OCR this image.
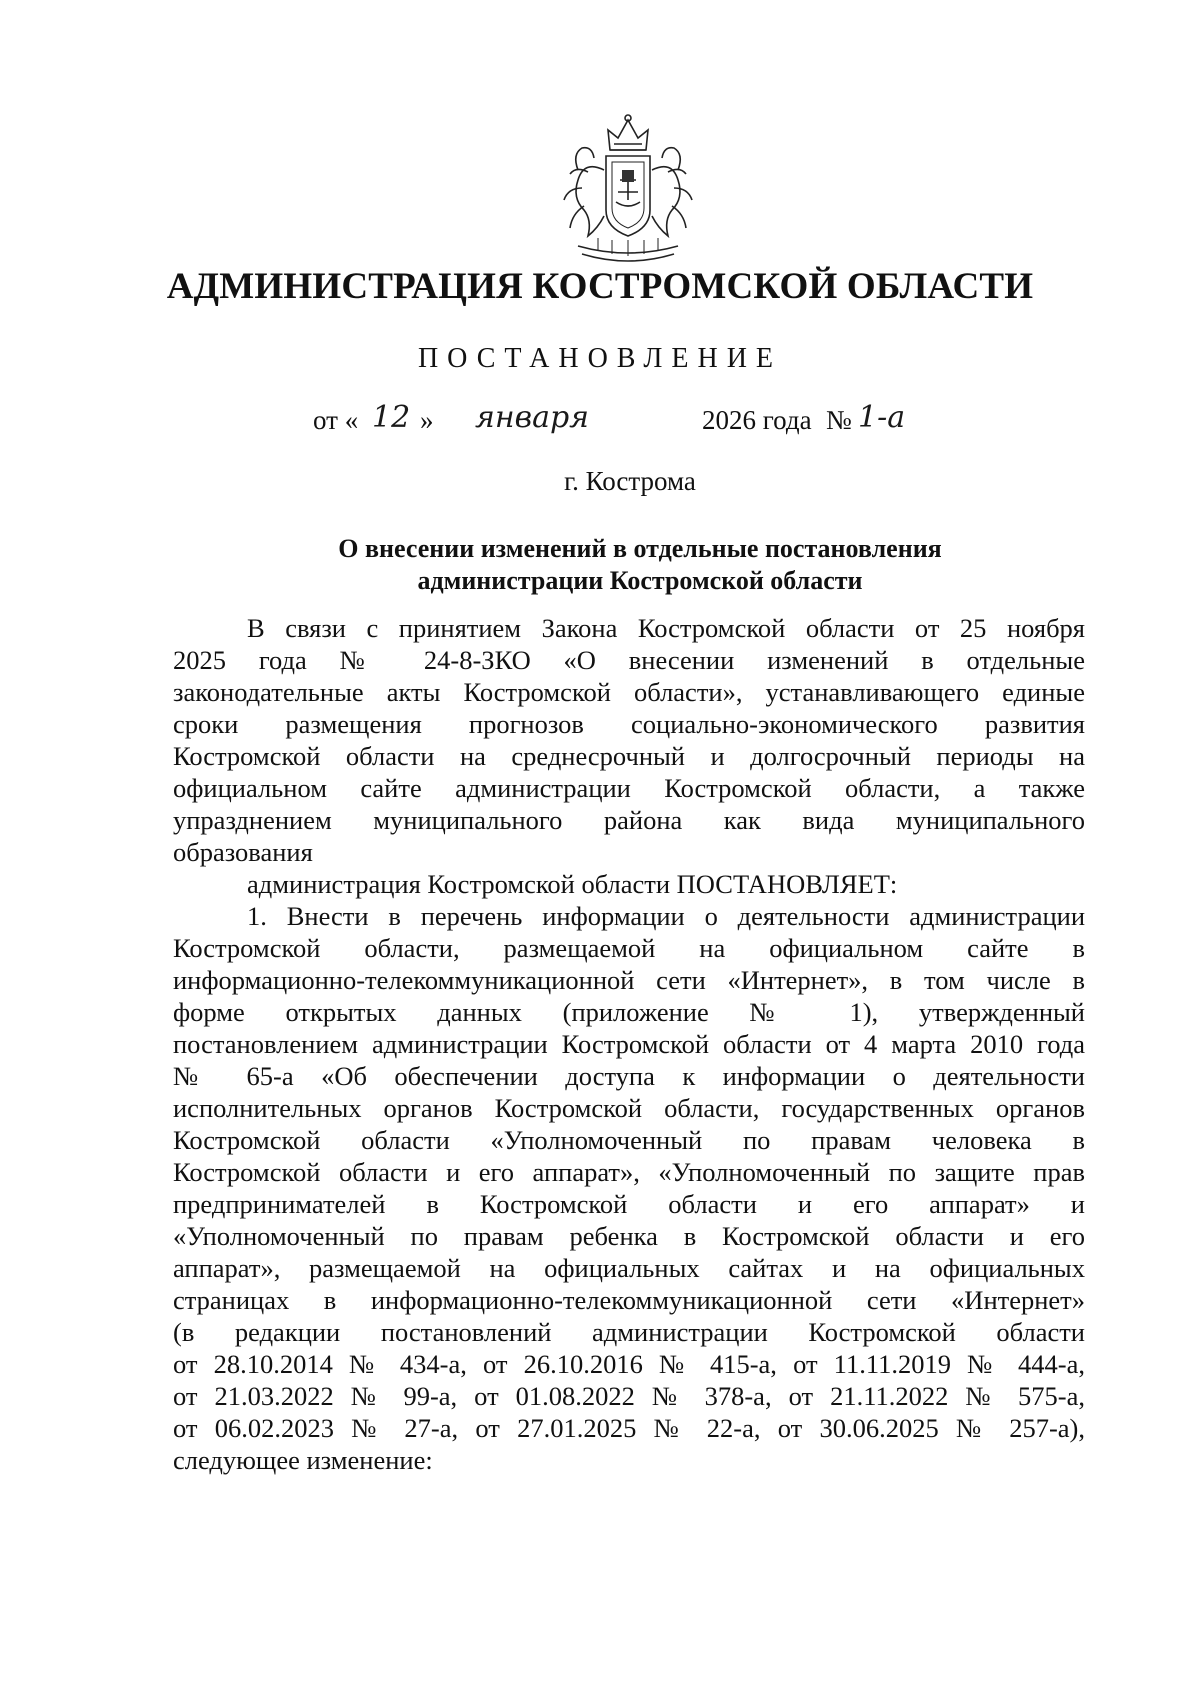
АДМИНИСТРАЦИЯ КОСТРОМСКОЙ ОБЛАСТИ
ПОСТАНОВЛЕНИЕ
от « 12 » января	2026 года № 1-а
г. Кострома
О внесении изменений в отдельные постановления
администрации Костромской области
В связи с принятием Закона Костромской области от 25 ноября
2025 года № 24-8-ЗКО «О внесении изменений в отдельные
законодательные акты Костромской области», устанавливающего единые
сроки размещения прогнозов социально-экономического развития
Костромской области на среднесрочный и долгосрочный периоды на
официальном сайте администрации Костромской области, а также
упразднением муниципального района как вида муниципального
образования
администрация Костромской области ПОСТАНОВЛЯЕТ:
1. Внести в перечень информации о деятельности администрации
Костромской области, размещаемой на официальном сайте в
информационно-телекоммуникационной сети «Интернет», в том числе в
форме открытых данных (приложение № 1), утвержденный
постановлением администрации Костромской области от 4 марта 2010 года
№ 65-а «Об обеспечении доступа к информации о деятельности
исполнительных органов Костромской области, государственных органов
Костромской области «Уполномоченный по правам человека в
Костромской области и его аппарат», «Уполномоченный по защите прав
предпринимателей в Костромской области и его аппарат» и
«Уполномоченный по правам ребенка в Костромской области и его
аппарат», размещаемой на официальных сайтах и на официальных
страницах в информационно-телекоммуникационной сети «Интернет»
(в редакции постановлений администрации Костромской области
от 28.10.2014 № 434-а, от 26.10.2016 № 415-а, от 11.11.2019 № 444-а,
от 21.03.2022 № 99-а, от 01.08.2022 № 378-а, от 21.11.2022 № 575-а,
от 06.02.2023 № 27-а, от 27.01.2025 № 22-а, от 30.06.2025 № 257-а),
следующее изменение:
